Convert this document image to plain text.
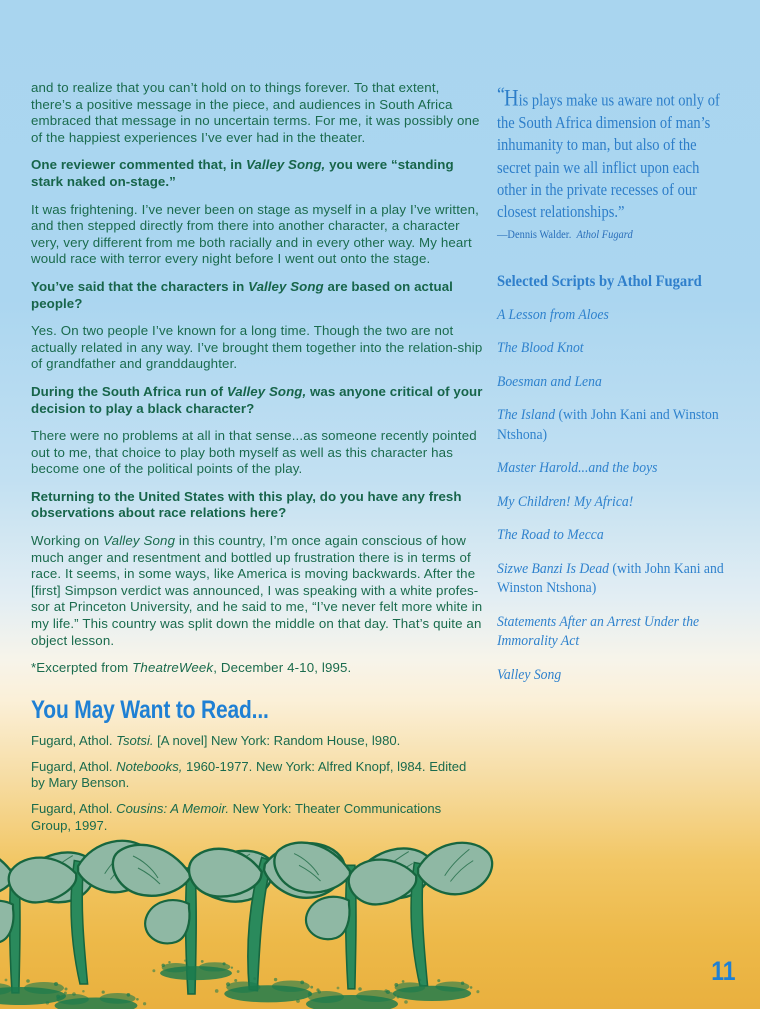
and to realize that you can’t hold on to things forever. To that extent, there’s a positive message in the piece, and audiences in South Africa embraced that message in no uncertain terms. For me, it was possibly one of the happiest experiences I’ve ever had in the theater.

One reviewer commented that, in Valley Song, you were “standing stark naked on-stage.”

It was frightening. I’ve never been on stage as myself in a play I’ve written, and then stepped directly from there into another character, a character very, very different from me both racially and in every other way. My heart would race with terror every night before I went out onto the stage.

You’ve said that the characters in Valley Song are based on actual people?

Yes. On two people I’ve known for a long time. Though the two are not actually related in any way. I’ve brought them together into the relation-ship of grandfather and granddaughter.

During the South Africa run of Valley Song, was anyone critical of your decision to play a black character?

There were no problems at all in that sense...as someone recently pointed out to me, that choice to play both myself as well as this character has become one of the political points of the play.

Returning to the United States with this play, do you have any fresh observations about race relations here?

Working on Valley Song in this country, I’m once again conscious of how much anger and resentment and bottled up frustration there is in terms of race. It seems, in some ways, like America is moving backwards. After the [first] Simpson verdict was announced, I was speaking with a white profes-sor at Princeton University, and he said to me, “I’ve never felt more white in my life.” This country was split down the middle on that day. That’s quite an object lesson.

*Excerpted from TheatreWeek, December 4-10, l995.

You May Want to Read...

Fugard, Athol. Tsotsi. [A novel] New York: Random House, l980.

Fugard, Athol. Notebooks, 1960-1977. New York: Alfred Knopf, l984. Edited by Mary Benson.

Fugard, Athol. Cousins: A Memoir. New York: Theater Communications Group, 1997.

“His plays make us aware not only of the South Africa dimension of man’s inhumanity to man, but also of the secret pain we all inflict upon each other in the private recesses of our closest relationships.”

—Dennis Walder. Athol Fugard

Selected Scripts by Athol Fugard

A Lesson from Aloes

The Blood Knot

Boesman and Lena

The Island (with John Kani and Winston Ntshona)

Master Harold...and the boys

My Children! My Africa!

The Road to Mecca

Sizwe Banzi Is Dead (with John Kani and Winston Ntshona)

Statements After an Arrest Under the Immorality Act

Valley Song

11
